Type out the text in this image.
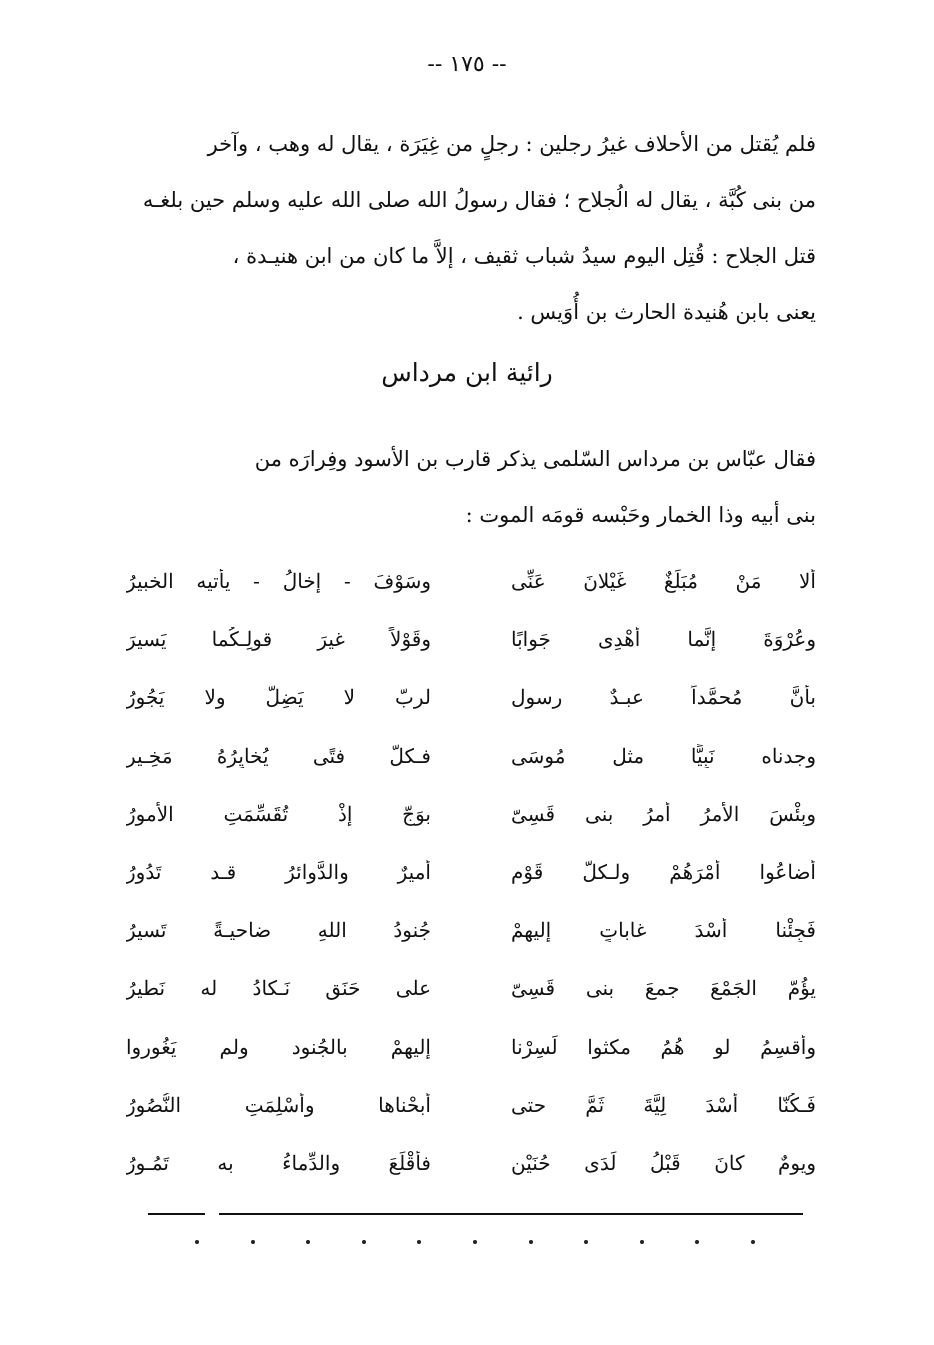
-- ١٧٥ --
فلم يُقتل من الأحلاف غيرُ رجلين : رجلٍ من غِيَرَة ، يقال له وهب ، وآخر
من بنى كُبَّة ، يقال له الُجلاح ؛ فقال رسولُ الله صلى الله عليه وسلم حين بلغـه
قتل الجلاح : قُتِل اليوم سيدُ شباب ثقيف ، إلاَّ ما كان من ابن هنيـدة ،
يعنى بابن هُنيدة الحارث بن أُوَيس .
رائية ابن مرداس
فقال عبّاس بن مرداس السّلمى يذكر قارب بن الأسود وفِرارَه من
بنى أبيه وذا الخمار وحَبْسه قومَه الموت :
ألا مَنْ مُبَلِّغٌ غَيْلانَ عَنِّى
وسَوْفَ - إخالُ - يأتيه الخبيرُ
وعُرْوَةَ إنَّما أُهْدِى جَوابًا
وقَوْلاً غيرَ قولِـكُما يَسيرَ
بأنَّ مُحمَّداً عبـدٌ رسول
لربّ لا يَضِلُّ ولا يَجُورُ
وجدناه نَبِيًّا مثل مُوسَى
فـكلّ فتًى يُخايِرُهُ مَخِـير
وبِئْسَ الأمرُ أمرُ بنى قَسِىّ
بوَجّ إذْ تُقَسِّمَتِ الأُمورُ
أضاعُوا أمْرَهُمْ ولـكلّ قَوْمٍ
أميرٌ والدَّوائرُ قـد تَدُورُ
فَجِئْنا أُسْدَ غاباتٍ إليهمْ
جُنودُ اللهِ ضاحيـةً تَسيرُ
يؤُمّ الجَمْعَ جمعَ بنى قَسِىّ
على حَنَقٍ نَـكادُ له نَطيرُ
وأُقسِمُ لو هُمُ مكثوا لَسِرْنا
إليهمْ بالجُنود ولم يَغُوروا
فَـكُنّا أُسْدَ لِيَّةَ ثَمَّ حتى
أبحْناها وأُسْلِمَتِ النُّصُورُ
ويومٌ كانَ قَبْلُ لَدَى حُنَيْنٍ
فأقْلَعَ والدِّماءُ به تَمُـورُ
